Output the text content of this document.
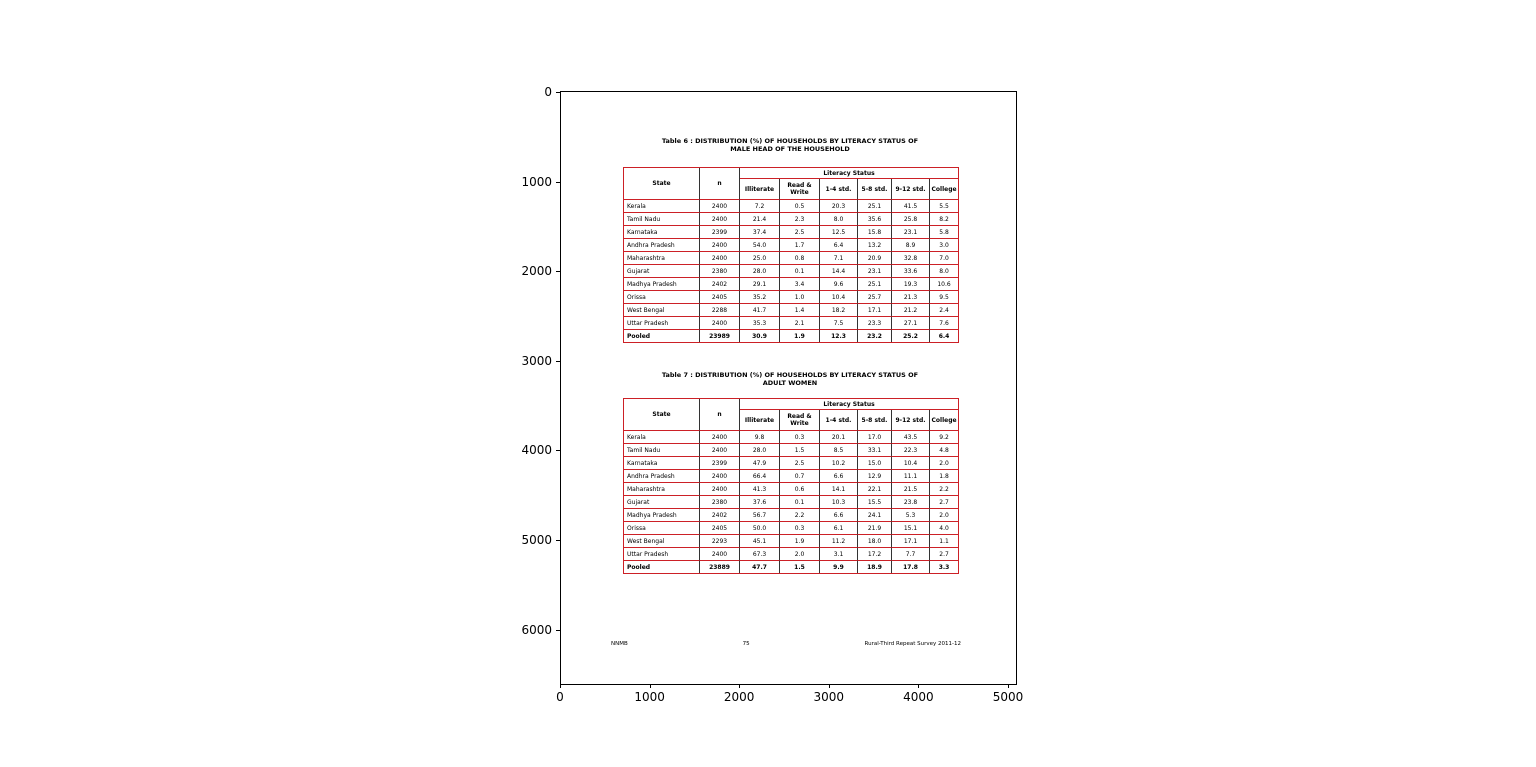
Table 6 : DISTRIBUTION (%) OF HOUSEHOLDS BY LITERACY STATUS OF
MALE HEAD OF THE HOUSEHOLD
State	n	Literacy Status					
		Illiterate	Read & Write	1-4 std.	5-8 std.	9-12 std.	College
Kerala	2400	7.2	0.5	20.3	25.1	41.5	5.5
Tamil Nadu	2400	21.4	2.3	8.0	35.6	25.8	8.2
Karnataka	2399	37.4	2.5	12.5	15.8	23.1	5.8
Andhra Pradesh	2400	54.0	1.7	6.4	13.2	8.9	3.0
Maharashtra	2400	25.0	0.8	7.1	20.9	32.8	7.0
Gujarat	2380	28.0	0.1	14.4	23.1	33.6	8.0
Madhya Pradesh	2402	29.1	3.4	9.6	25.1	19.3	10.6
Orissa	2405	35.2	1.0	10.4	25.7	21.3	9.5
West Bengal	2288	41.7	1.4	18.2	17.1	21.2	2.4
Uttar Pradesh	2400	35.3	2.1	7.5	23.3	27.1	7.6
Pooled	23989	30.9	1.9	12.3	23.2	25.2	6.4
Table 7 : DISTRIBUTION (%) OF HOUSEHOLDS BY LITERACY STATUS OF
ADULT WOMEN
State	n	Literacy Status					
		Illiterate	Read & Write	1-4 std.	5-8 std.	9-12 std.	College
Kerala	2400	9.8	0.3	20.1	17.0	43.5	9.2
Tamil Nadu	2400	28.0	1.5	8.5	33.1	22.3	4.8
Karnataka	2399	47.9	2.5	10.2	15.0	10.4	2.0
Andhra Pradesh	2400	66.4	0.7	6.6	12.9	11.1	1.8
Maharashtra	2400	41.3	0.6	14.1	22.1	21.5	2.2
Gujarat	2380	37.6	0.1	10.3	15.5	23.8	2.7
Madhya Pradesh	2402	56.7	2.2	6.6	24.1	5.3	2.0
Orissa	2405	50.0	0.3	6.1	21.9	15.1	4.0
West Bengal	2293	45.1	1.9	11.2	18.0	17.1	1.1
Uttar Pradesh	2400	67.3	2.0	3.1	17.2	7.7	2.7
Pooled	23889	47.7	1.5	9.9	18.9	17.8	3.3
NNMB	75	Rural-Third Repeat Survey 2011-12
0
1000
2000
3000
4000
5000
6000
0	1000	2000	3000	4000	5000
